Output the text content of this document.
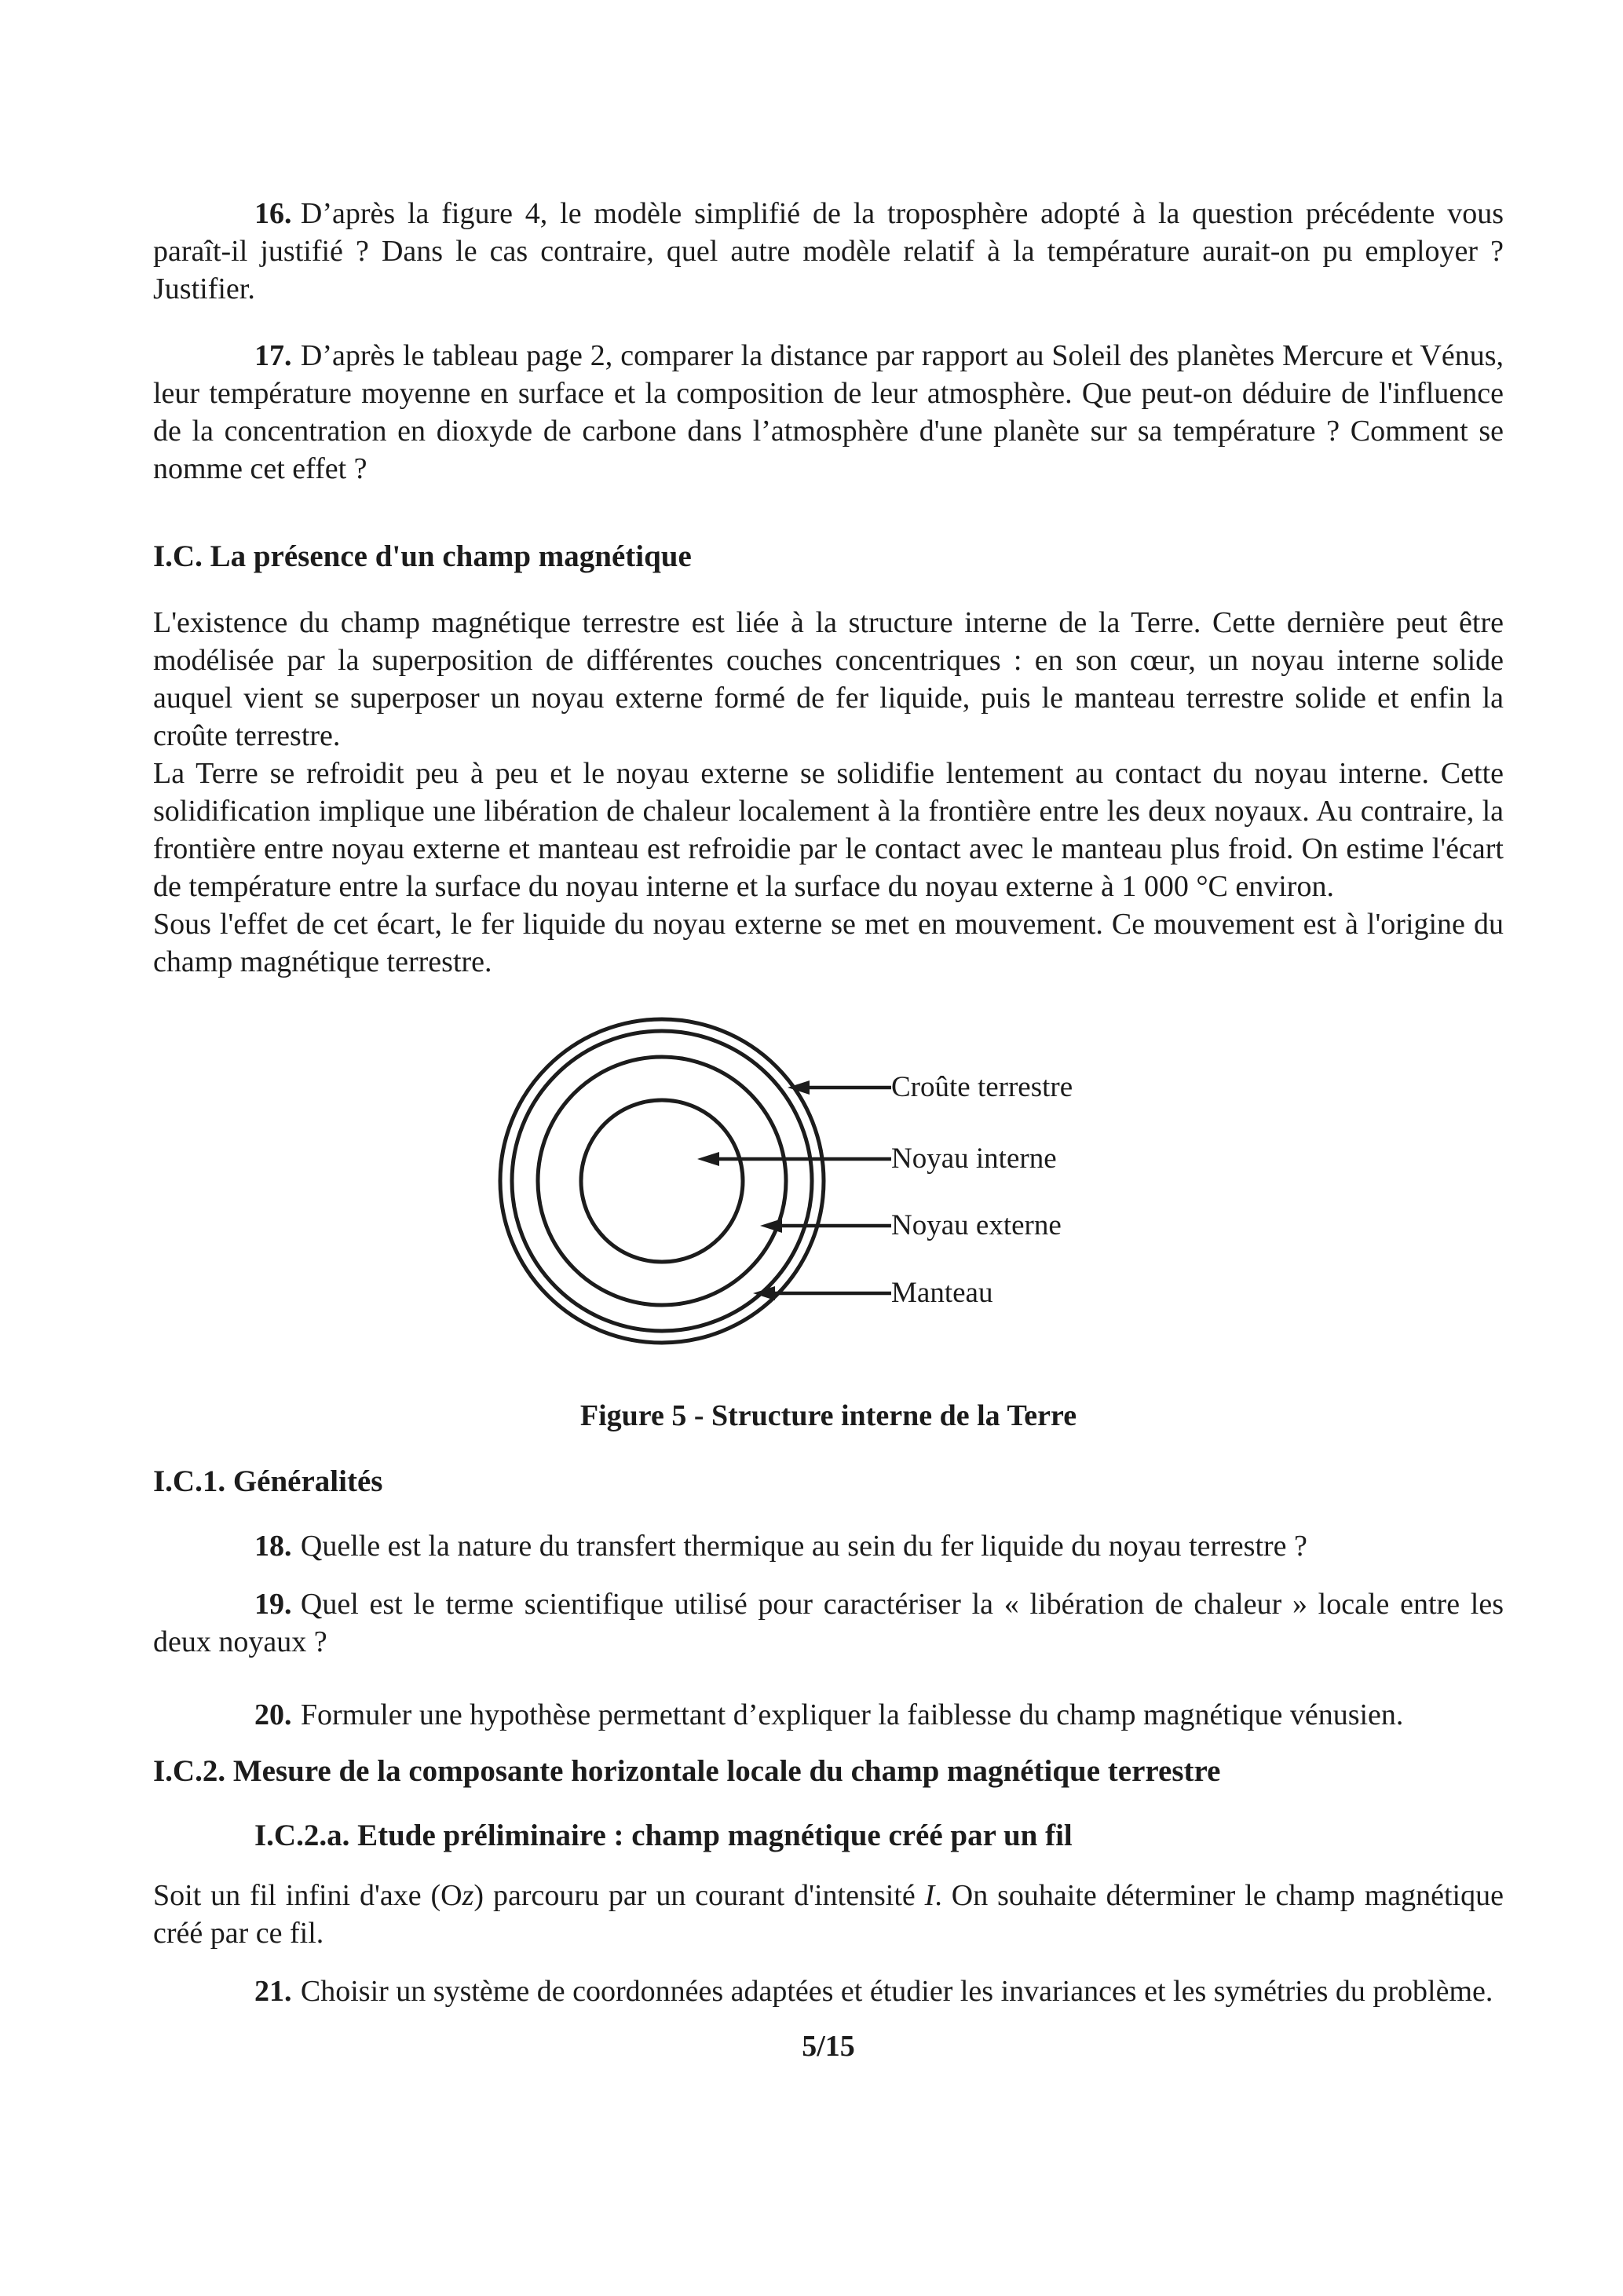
16. D’après la figure 4, le modèle simplifié de la troposphère adopté à la question précédente vous paraît-il justifié ? Dans le cas contraire, quel autre modèle relatif à la température aurait-on pu employer ? Justifier.

17. D’après le tableau page 2, comparer la distance par rapport au Soleil des planètes Mercure et Vénus, leur température moyenne en surface et la composition de leur atmosphère. Que peut-on déduire de l'influence de la concentration en dioxyde de carbone dans l’atmosphère d'une planète sur sa température ? Comment se nomme cet effet ?

I.C. La présence d'un champ magnétique

L'existence du champ magnétique terrestre est liée à la structure interne de la Terre. Cette dernière peut être modélisée par la superposition de différentes couches concentriques : en son cœur, un noyau interne solide auquel vient se superposer un noyau externe formé de fer liquide, puis le manteau terrestre solide et enfin la croûte terrestre.

La Terre se refroidit peu à peu et le noyau externe se solidifie lentement au contact du noyau interne. Cette solidification implique une libération de chaleur localement à la frontière entre les deux noyaux. Au contraire, la frontière entre noyau externe et manteau est refroidie par le contact avec le manteau plus froid. On estime l'écart de température entre la surface du noyau interne et la surface du noyau externe à 1 000 °C environ.

Sous l'effet de cet écart, le fer liquide du noyau externe se met en mouvement. Ce mouvement est à l'origine du champ magnétique terrestre.

Croûte terrestre
Noyau interne
Noyau externe
Manteau

Figure 5 - Structure interne de la Terre

I.C.1. Généralités

18. Quelle est la nature du transfert thermique au sein du fer liquide du noyau terrestre ?

19. Quel est le terme scientifique utilisé pour caractériser la « libération de chaleur » locale entre les deux noyaux ?

20. Formuler une hypothèse permettant d’expliquer la faiblesse du champ magnétique vénusien.

I.C.2. Mesure de la composante horizontale locale du champ magnétique terrestre
I.C.2.a. Etude préliminaire : champ magnétique créé par un fil

Soit un fil infini d'axe (Oz) parcouru par un courant d'intensité I. On souhaite déterminer le champ magnétique créé par ce fil.

21. Choisir un système de coordonnées adaptées et étudier les invariances et les symétries du problème.

5/15
